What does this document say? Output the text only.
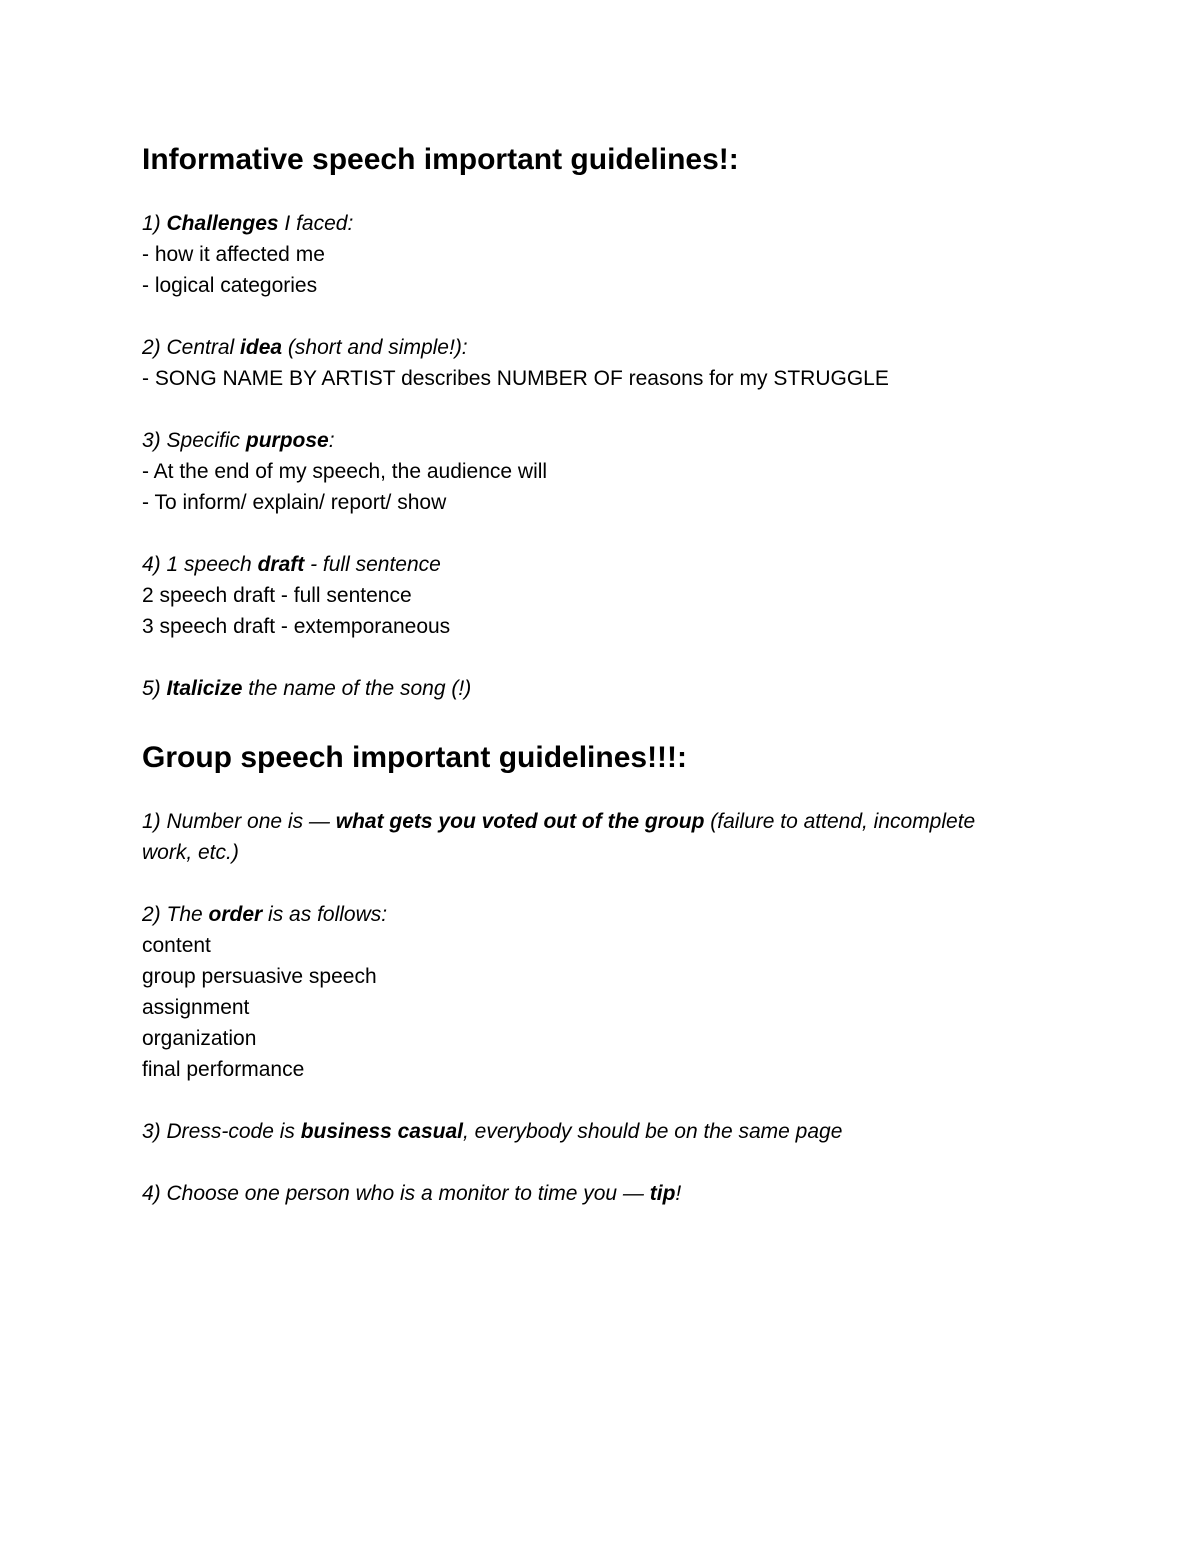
Informative speech important guidelines!:
1) Challenges I faced:
- how it affected me
- logical categories
2) Central idea (short and simple!):
- SONG NAME BY ARTIST describes NUMBER OF reasons for my STRUGGLE
3) Specific purpose:
- At the end of my speech, the audience will
- To inform/ explain/ report/ show
4) 1 speech draft - full sentence
2 speech draft - full sentence
3 speech draft - extemporaneous
5) Italicize the name of the song (!)
Group speech important guidelines!!!:
1) Number one is — what gets you voted out of the group (failure to attend, incomplete work, etc.)
2) The order is as follows:
content
group persuasive speech
assignment
organization
final performance
3) Dress-code is business casual, everybody should be on the same page
4) Choose one person who is a monitor to time you — tip!
